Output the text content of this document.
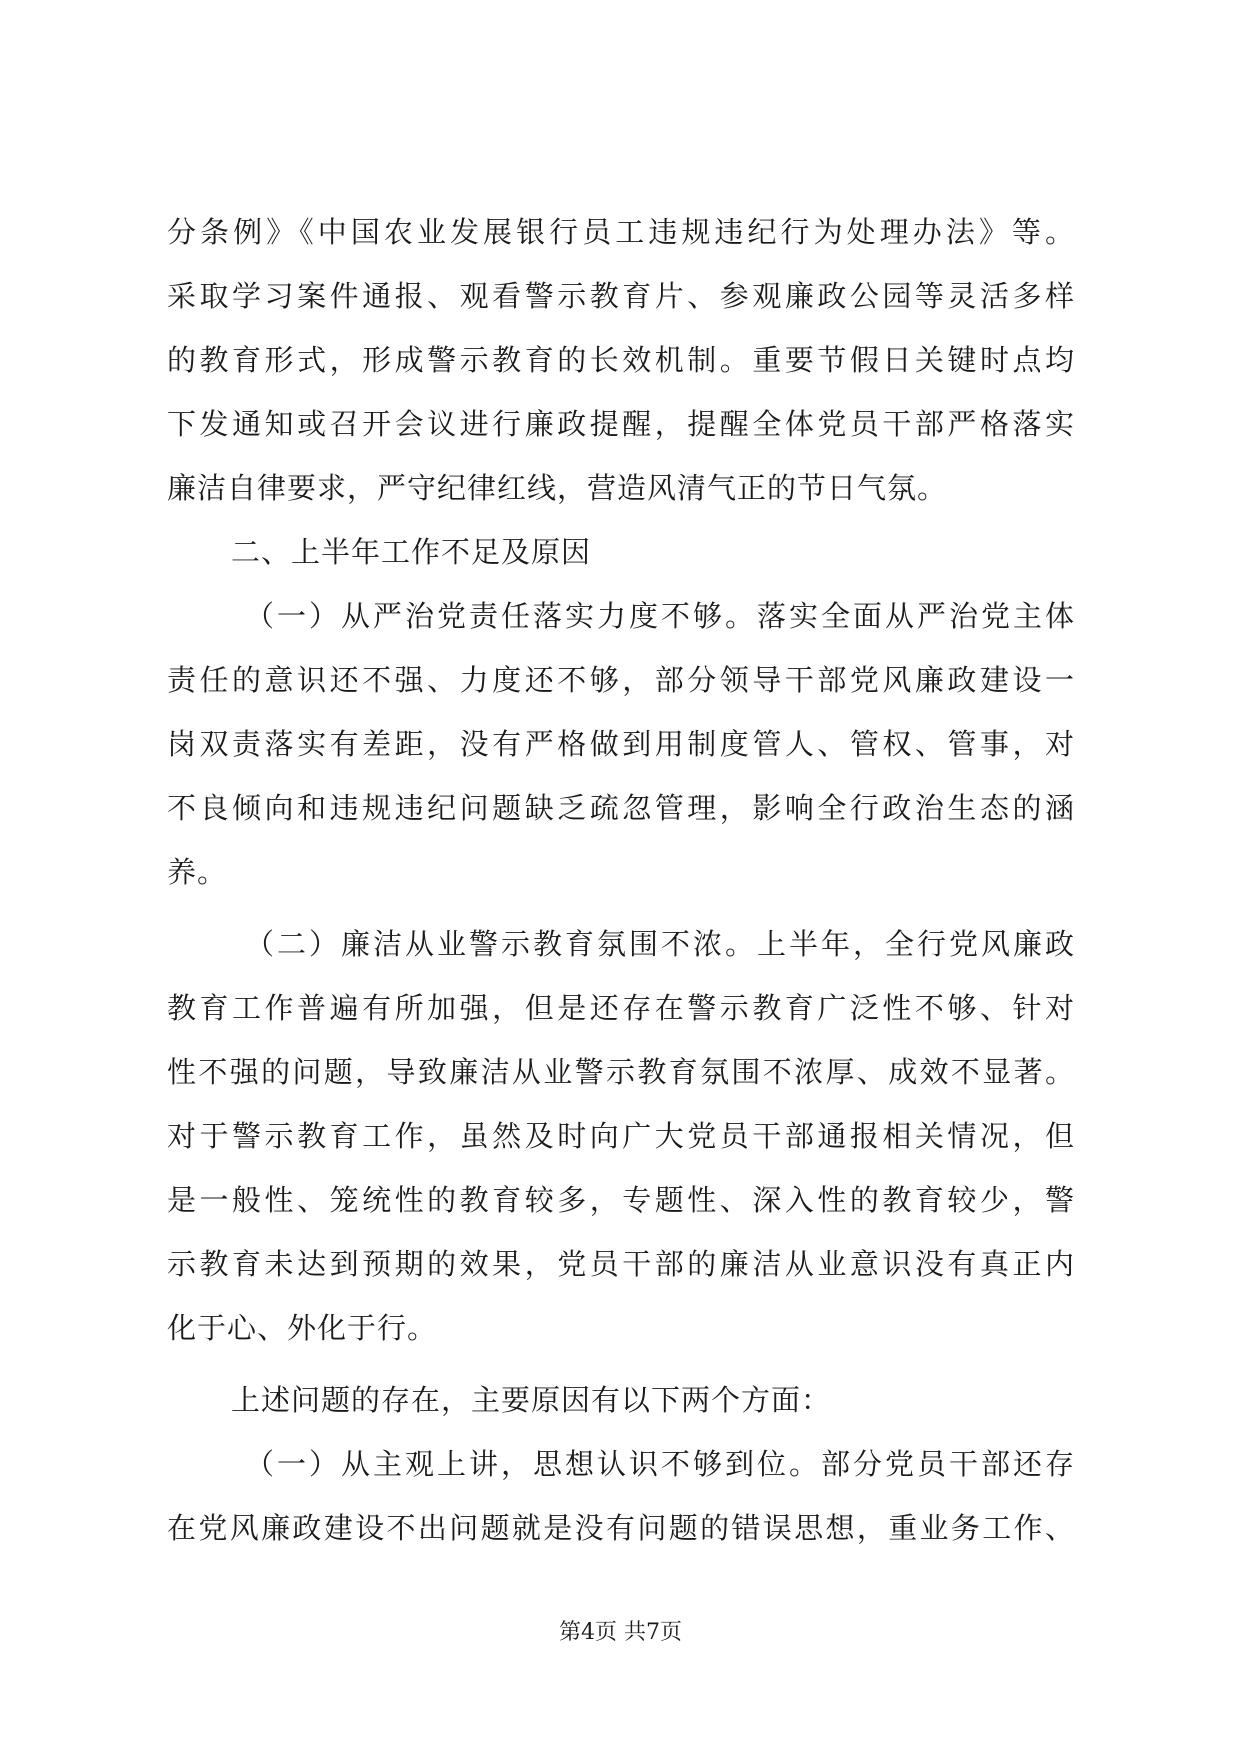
分条例》《中国农业发展银行员工违规违纪行为处理办法》等。
采取学习案件通报、观看警示教育片、参观廉政公园等灵活多样
的教育形式，形成警示教育的长效机制。重要节假日关键时点均
下发通知或召开会议进行廉政提醒，提醒全体党员干部严格落实
廉洁自律要求，严守纪律红线，营造风清气正的节日气氛。
二、上半年工作不足及原因
（一）从严治党责任落实力度不够。落实全面从严治党主体
责任的意识还不强、力度还不够，部分领导干部党风廉政建设一
岗双责落实有差距，没有严格做到用制度管人、管权、管事，对
不良倾向和违规违纪问题缺乏疏忽管理，影响全行政治生态的涵
养。
（二）廉洁从业警示教育氛围不浓。上半年，全行党风廉政
教育工作普遍有所加强，但是还存在警示教育广泛性不够、针对
性不强的问题，导致廉洁从业警示教育氛围不浓厚、成效不显著。
对于警示教育工作，虽然及时向广大党员干部通报相关情况，但
是一般性、笼统性的教育较多，专题性、深入性的教育较少，警
示教育未达到预期的效果，党员干部的廉洁从业意识没有真正内
化于心、外化于行。
上述问题的存在，主要原因有以下两个方面：
（一）从主观上讲，思想认识不够到位。部分党员干部还存
在党风廉政建设不出问题就是没有问题的错误思想，重业务工作、
第4页 共7页
